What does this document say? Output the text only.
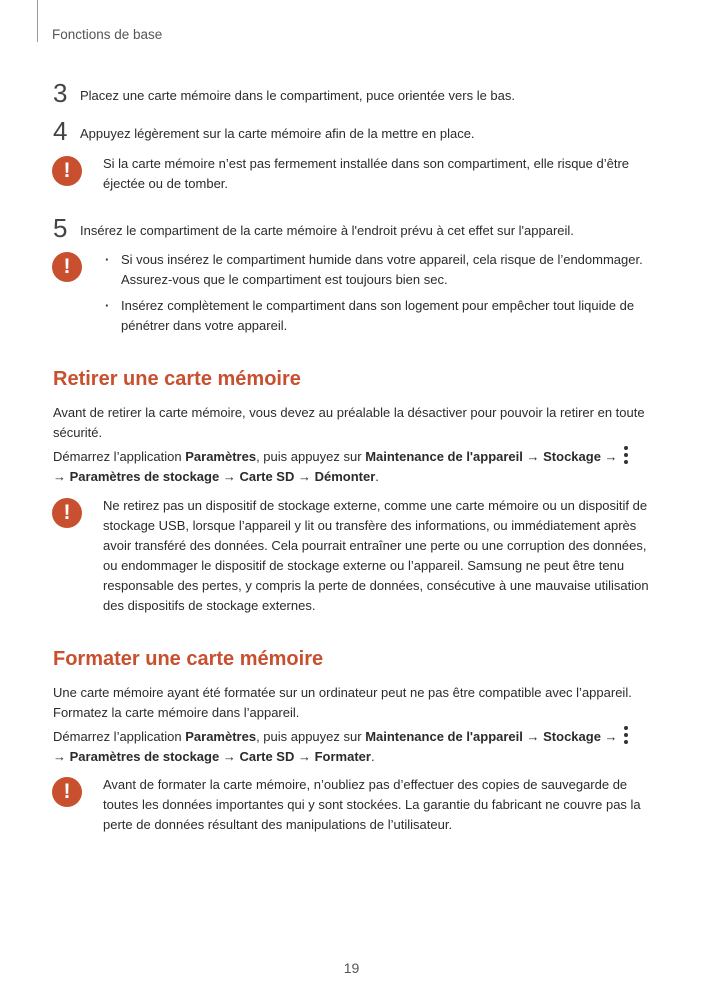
Fonctions de base
3 Placez une carte mémoire dans le compartiment, puce orientée vers le bas.
4 Appuyez légèrement sur la carte mémoire afin de la mettre en place.
!	Si la carte mémoire n’est pas fermement installée dans son compartiment, elle risque d’être éjectée ou de tomber.

5 Insérez le compartiment de la carte mémoire à l'endroit prévu à cet effet sur l'appareil.
!
·	Si vous insérez le compartiment humide dans votre appareil, cela risque de l’endommager. Assurez-vous que le compartiment est toujours bien sec.
· Insérez complètement le compartiment dans son logement pour empêcher tout liquide de pénétrer dans votre appareil.
Retirer une carte mémoire

Avant de retirer la carte mémoire, vous devez au préalable la désactiver pour pouvoir la retirer en toute sécurité.

Démarrez l’application Paramètres, puis appuyez sur Maintenance de l'appareil → Stockage →

→ Paramètres de stockage → Carte SD → Démonter.

!	Ne retirez pas un dispositif de stockage externe, comme une carte mémoire ou un dispositif de stockage USB, lorsque l’appareil y lit ou transfère des informations, ou immédiatement après avoir transféré des données. Cela pourrait entraîner une perte ou une corruption des données, ou endommager le dispositif de stockage externe ou l’appareil. Samsung ne peut être tenu responsable des pertes, y compris la perte de données, consécutive à une mauvaise utilisation des dispositifs de stockage externes.

Formater une carte mémoire

Une carte mémoire ayant été formatée sur un ordinateur peut ne pas être compatible avec l’appareil. Formatez la carte mémoire dans l’appareil.

Démarrez l’application Paramètres, puis appuyez sur Maintenance de l'appareil → Stockage →

→ Paramètres de stockage → Carte SD → Formater.

!	Avant de formater la carte mémoire, n’oubliez pas d’effectuer des copies de sauvegarde de toutes les données importantes qui y sont stockées. La garantie du fabricant ne couvre pas la perte de données résultant des manipulations de l’utilisateur.

19
